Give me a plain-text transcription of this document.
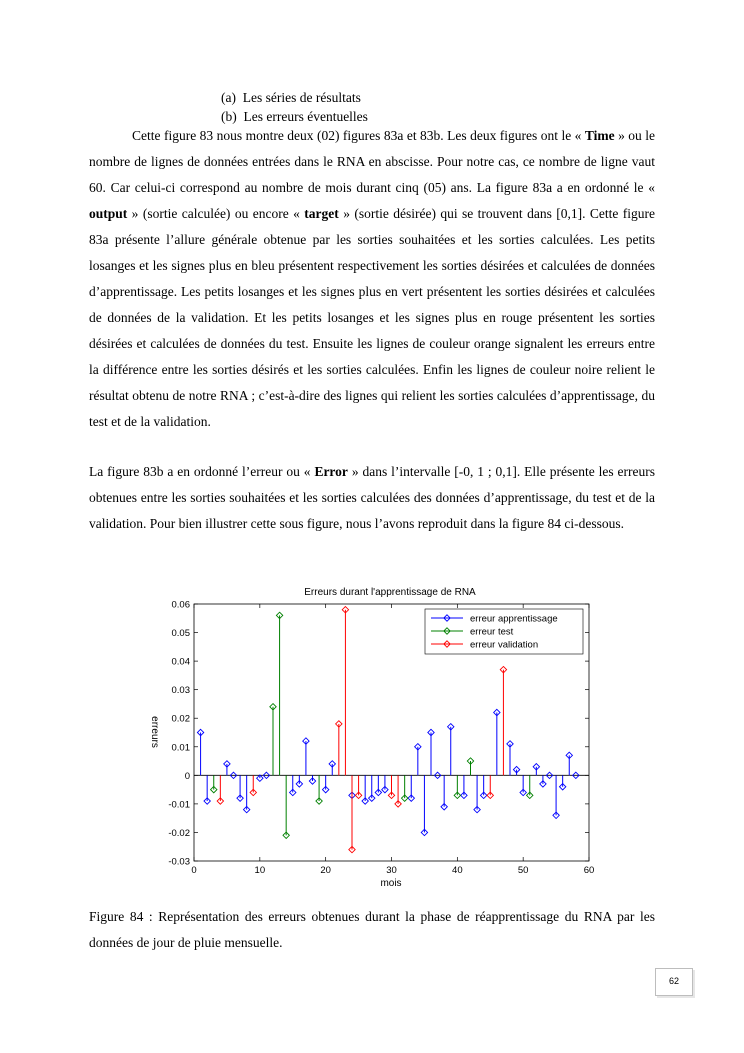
(a) Les séries de résultats
(b) Les erreurs éventuelles

Cette figure 83 nous montre deux (02) figures 83a et 83b. Les deux figures ont le « Time » ou le nombre de lignes de données entrées dans le RNA en abscisse. Pour notre cas, ce nombre de ligne vaut 60. Car celui-ci correspond au nombre de mois durant cinq (05) ans. La figure 83a a en ordonné le « output » (sortie calculée) ou encore « target » (sortie désirée) qui se trouvent dans [0,1]. Cette figure 83a présente l’allure générale obtenue par les sorties souhaitées et les sorties calculées. Les petits losanges et les signes plus en bleu présentent respectivement les sorties désirées et calculées de données d’apprentissage. Les petits losanges et les signes plus en vert présentent les sorties désirées et calculées de données de la validation. Et les petits losanges et les signes plus en rouge présentent les sorties désirées et calculées de données du test. Ensuite les lignes de couleur orange signalent les erreurs entre la différence entre les sorties désirés et les sorties calculées. Enfin les lignes de couleur noire relient le résultat obtenu de notre RNA ; c’est-à-dire des lignes qui relient les sorties calculées d’apprentissage, du test et de la validation.

La figure 83b a en ordonné l’erreur ou « Error » dans l’intervalle [-0, 1 ; 0,1]. Elle présente les erreurs obtenues entre les sorties souhaitées et les sorties calculées des données d’apprentissage, du test et de la validation. Pour bien illustrer cette sous figure, nous l’avons reproduit dans la figure 84 ci-dessous.

Erreurs durant l'apprentissage de RNA
0	10	20	30	40	50	60
-0.03
-0.02
-0.01
0
0.01
0.02
0.03
0.04
0.05
0.06
mois
erreurs
erreur apprentissage
erreur test
erreur validation

Figure 84 : Représentation des erreurs obtenues durant la phase de réapprentissage du RNA par les données de jour de pluie mensuelle.

62
